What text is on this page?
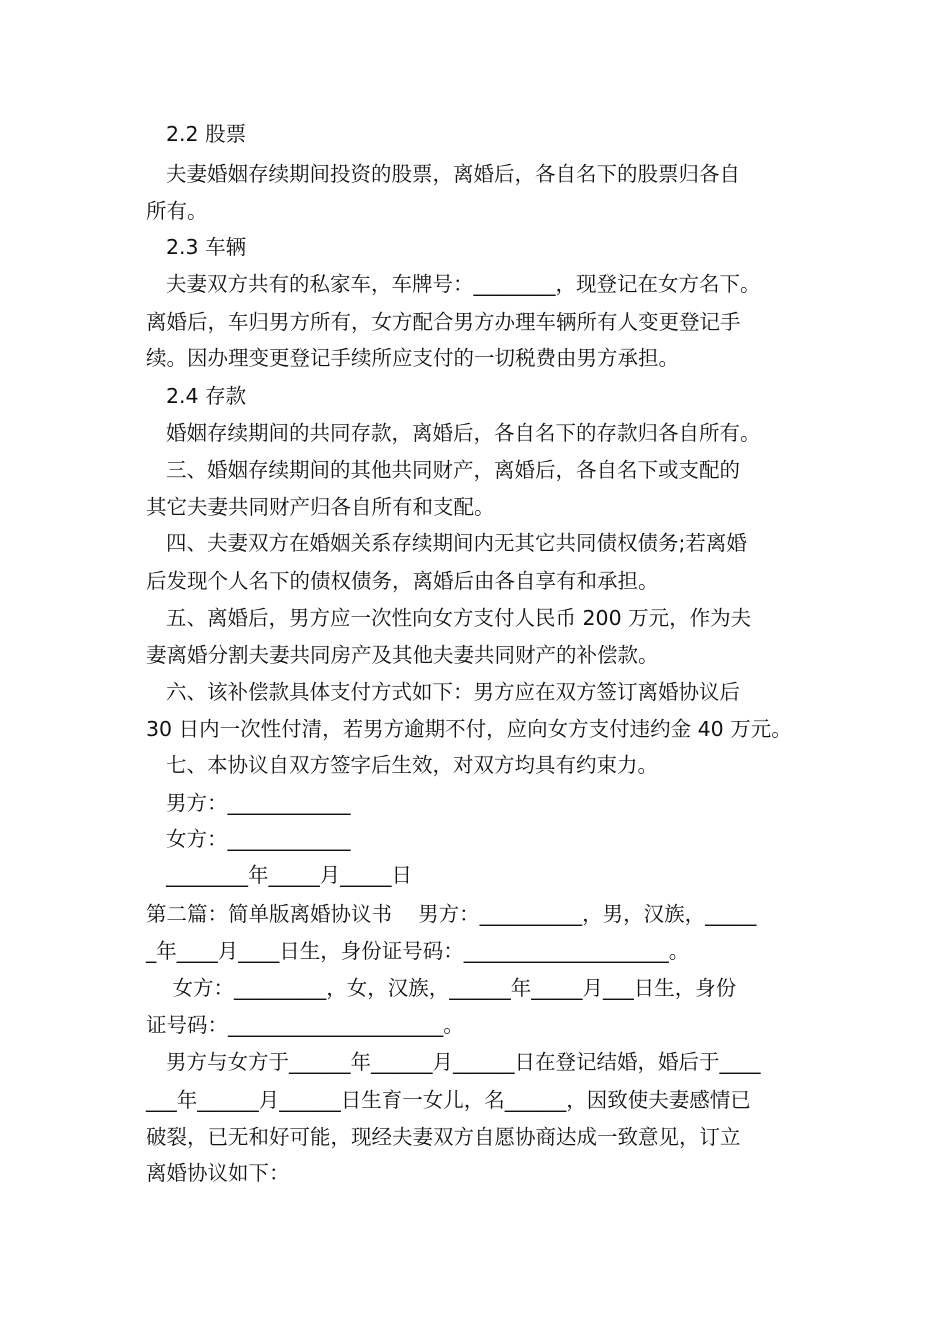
2.2 股票
夫妻婚姻存续期间投资的股票，离婚后，各自名下的股票归各自
所有。
2.3 车辆
夫妻双方共有的私家车，车牌号：________，现登记在女方名下。
离婚后，车归男方所有，女方配合男方办理车辆所有人变更登记手
续。因办理变更登记手续所应支付的一切税费由男方承担。
2.4 存款
婚姻存续期间的共同存款，离婚后，各自名下的存款归各自所有。
三、婚姻存续期间的其他共同财产，离婚后，各自名下或支配的
其它夫妻共同财产归各自所有和支配。
四、夫妻双方在婚姻关系存续期间内无其它共同债权债务;若离婚
后发现个人名下的债权债务，离婚后由各自享有和承担。
五、离婚后，男方应一次性向女方支付人民币 200 万元，作为夫
妻离婚分割夫妻共同房产及其他夫妻共同财产的补偿款。
六、该补偿款具体支付方式如下：男方应在双方签订离婚协议后
30 日内一次性付清，若男方逾期不付，应向女方支付违约金 40 万元。
七、本协议自双方签字后生效，对双方均具有约束力。
男方：____________
女方：____________
________年_____月_____日
第二篇：简单版离婚协议书    男方：__________，男，汉族，_____
_年____月____日生，身份证号码：____________________。
女方：_________，女，汉族，______年_____月___日生，身份
证号码：_____________________。
男方与女方于______年______月______日在登记结婚，婚后于____
___年______月______日生育一女儿，名______，因致使夫妻感情已
破裂，已无和好可能，现经夫妻双方自愿协商达成一致意见，订立
离婚协议如下：
